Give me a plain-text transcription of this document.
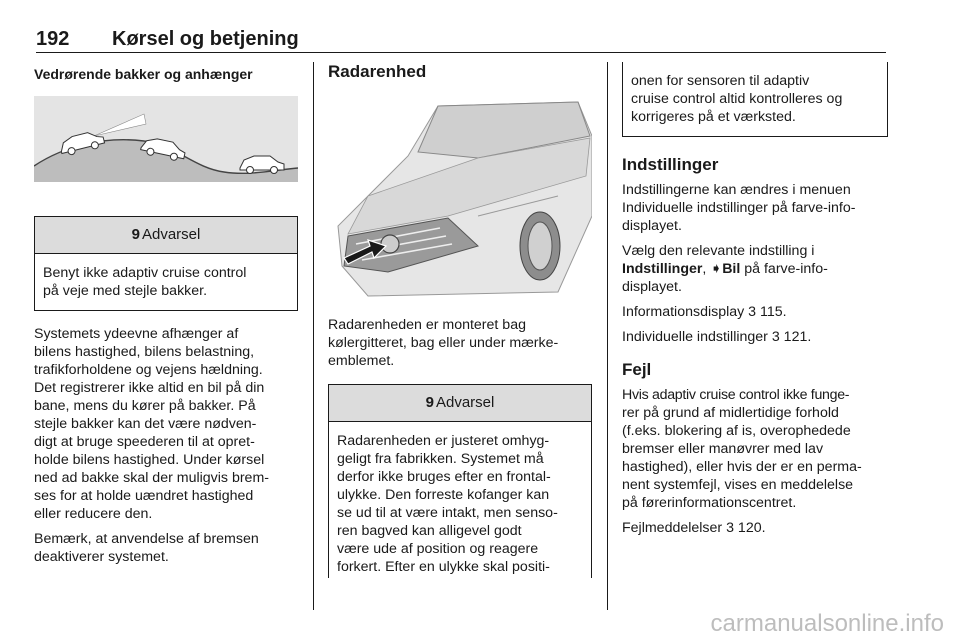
192 Kørsel og betjening
Vedrørende bakker og anhænger
9 Advarsel

Benyt ikke adaptiv cruise control

på veje med stejle bakker.

Systemets ydeevne afhænger af

bilens hastighed, bilens belastning,

trafikforholdene og vejens hældning.

Det registrerer ikke altid en bil på din

bane, mens du kører på bakker. På

stejle bakker kan det være nødven-

digt at bruge speederen til at opret-

holde bilens hastighed. Under kørsel

ned ad bakke skal der muligvis brem-

ses for at holde uændret hastighed

eller reducere den.

Bemærk, at anvendelse af bremsen

deaktiverer systemet.

Radarenhed

Radarenheden er monteret bag

kølergitteret, bag eller under mærke-

emblemet.

9 Advarsel

Radarenheden er justeret omhyg-

geligt fra fabrikken. Systemet må

derfor ikke bruges efter en frontal-

ulykke. Den forreste kofanger kan

se ud til at være intakt, men senso-

ren bagved kan alligevel godt

være ude af position og reagere

forkert. Efter en ulykke skal positi-

onen for sensoren til adaptiv

cruise control altid kontrolleres og

korrigeres på et værksted.

Indstillinger

Indstillingerne kan ændres i menuen

Individuelle indstillinger på farve-info-

displayet.

Vælg den relevante indstilling i

Indstillinger, ➧Bil på farve-info-

displayet.

Informationsdisplay 3 115.

Individuelle indstillinger 3 121.

Fejl

Hvis adaptiv cruise control ikke funge-

rer på grund af midlertidige forhold

(f.eks. blokering af is, overophedede

bremser eller manøvrer med lav

hastighed), eller hvis der er en perma-

nent systemfejl, vises en meddelelse

på førerinformationscentret.

Fejlmeddelelser 3 120.

carmanualsonline.info
